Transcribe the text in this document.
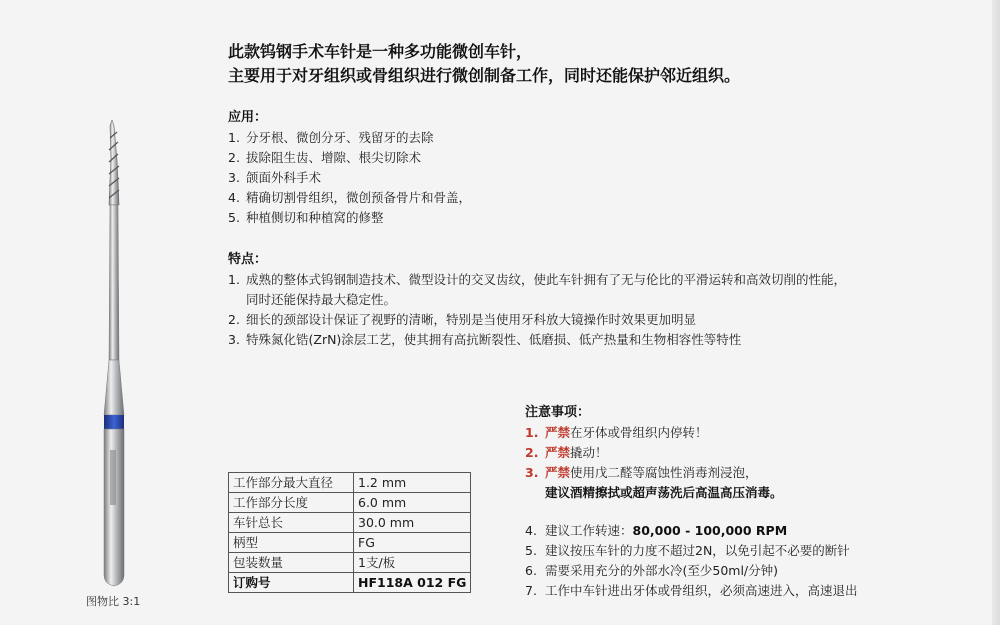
此款钨钢手术车针是一种多功能微创车针，
主要用于对牙组织或骨组织进行微创制备工作，同时还能保护邻近组织。
应用：
1. 分牙根、微创分牙、残留牙的去除
2. 拔除阻生齿、增隙、根尖切除术
3. 颌面外科手术
4. 精确切割骨组织，微创预备骨片和骨盖，
5. 种植侧切和种植窝的修整
特点：
1. 成熟的整体式钨钢制造技术、微型设计的交叉齿纹，使此车针拥有了无与伦比的平滑运转和高效切削的性能，
同时还能保持最大稳定性。
2. 细长的颈部设计保证了视野的清晰，特别是当使用牙科放大镜操作时效果更加明显
3. 特殊氮化锆(ZrN)涂层工艺，使其拥有高抗断裂性、低磨损、低产热量和生物相容性等特性
图物比 3:1
工作部分最大直径	1.2 mm
工作部分长度	6.0 mm
车针总长	30.0 mm
柄型	FG
包装数量	1支/板
订购号	HF118A 012 FG
注意事项：
1. 严禁在牙体或骨组织内停转！
2. 严禁撬动！
3. 严禁使用戊二醛等腐蚀性消毒剂浸泡，
建议酒精擦拭或超声荡洗后高温高压消毒。
4. 建议工作转速：80,000 - 100,000 RPM
5. 建议按压车针的力度不超过2N，以免引起不必要的断针
6. 需要采用充分的外部水冷(至少50ml/分钟)
7. 工作中车针进出牙体或骨组织，必须高速进入，高速退出
